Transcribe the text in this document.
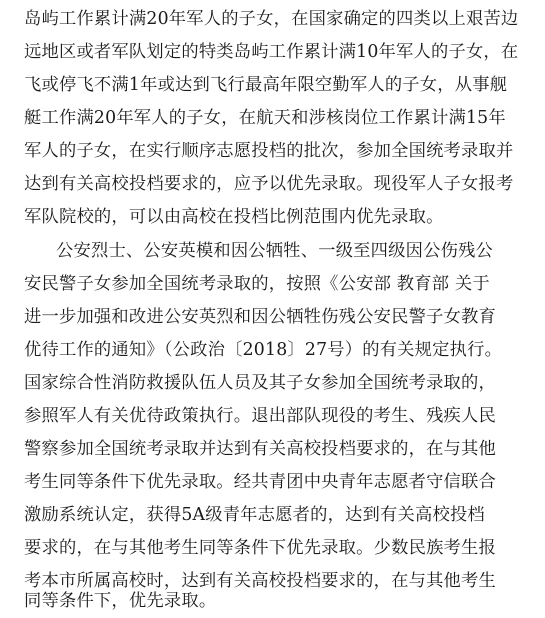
岛屿工作累计满20年军人的子女，在国家确定的四类以上艰苦边
远地区或者军队划定的特类岛屿工作累计满10年军人的子女，在
飞或停飞不满1年或达到飞行最高年限空勤军人的子女，从事舰
艇工作满20年军人的子女，在航天和涉核岗位工作累计满15年
军人的子女，在实行顺序志愿投档的批次，参加全国统考录取并
达到有关高校投档要求的，应予以优先录取。现役军人子女报考
军队院校的，可以由高校在投档比例范围内优先录取。
公安烈士、公安英模和因公牺牲、一级至四级因公伤残公
安民警子女参加全国统考录取的，按照《公安部 教育部 关于
进一步加强和改进公安英烈和因公牺牲伤残公安民警子女教育
优待工作的通知》（公政治〔2018〕27号）的有关规定执行。
国家综合性消防救援队伍人员及其子女参加全国统考录取的，
参照军人有关优待政策执行。退出部队现役的考生、残疾人民
警察参加全国统考录取并达到有关高校投档要求的，在与其他
考生同等条件下优先录取。经共青团中央青年志愿者守信联合
激励系统认定，获得5A级青年志愿者的，达到有关高校投档
要求的，在与其他考生同等条件下优先录取。少数民族考生报
考本市所属高校时，达到有关高校投档要求的，在与其他考生
同等条件下，优先录取。
